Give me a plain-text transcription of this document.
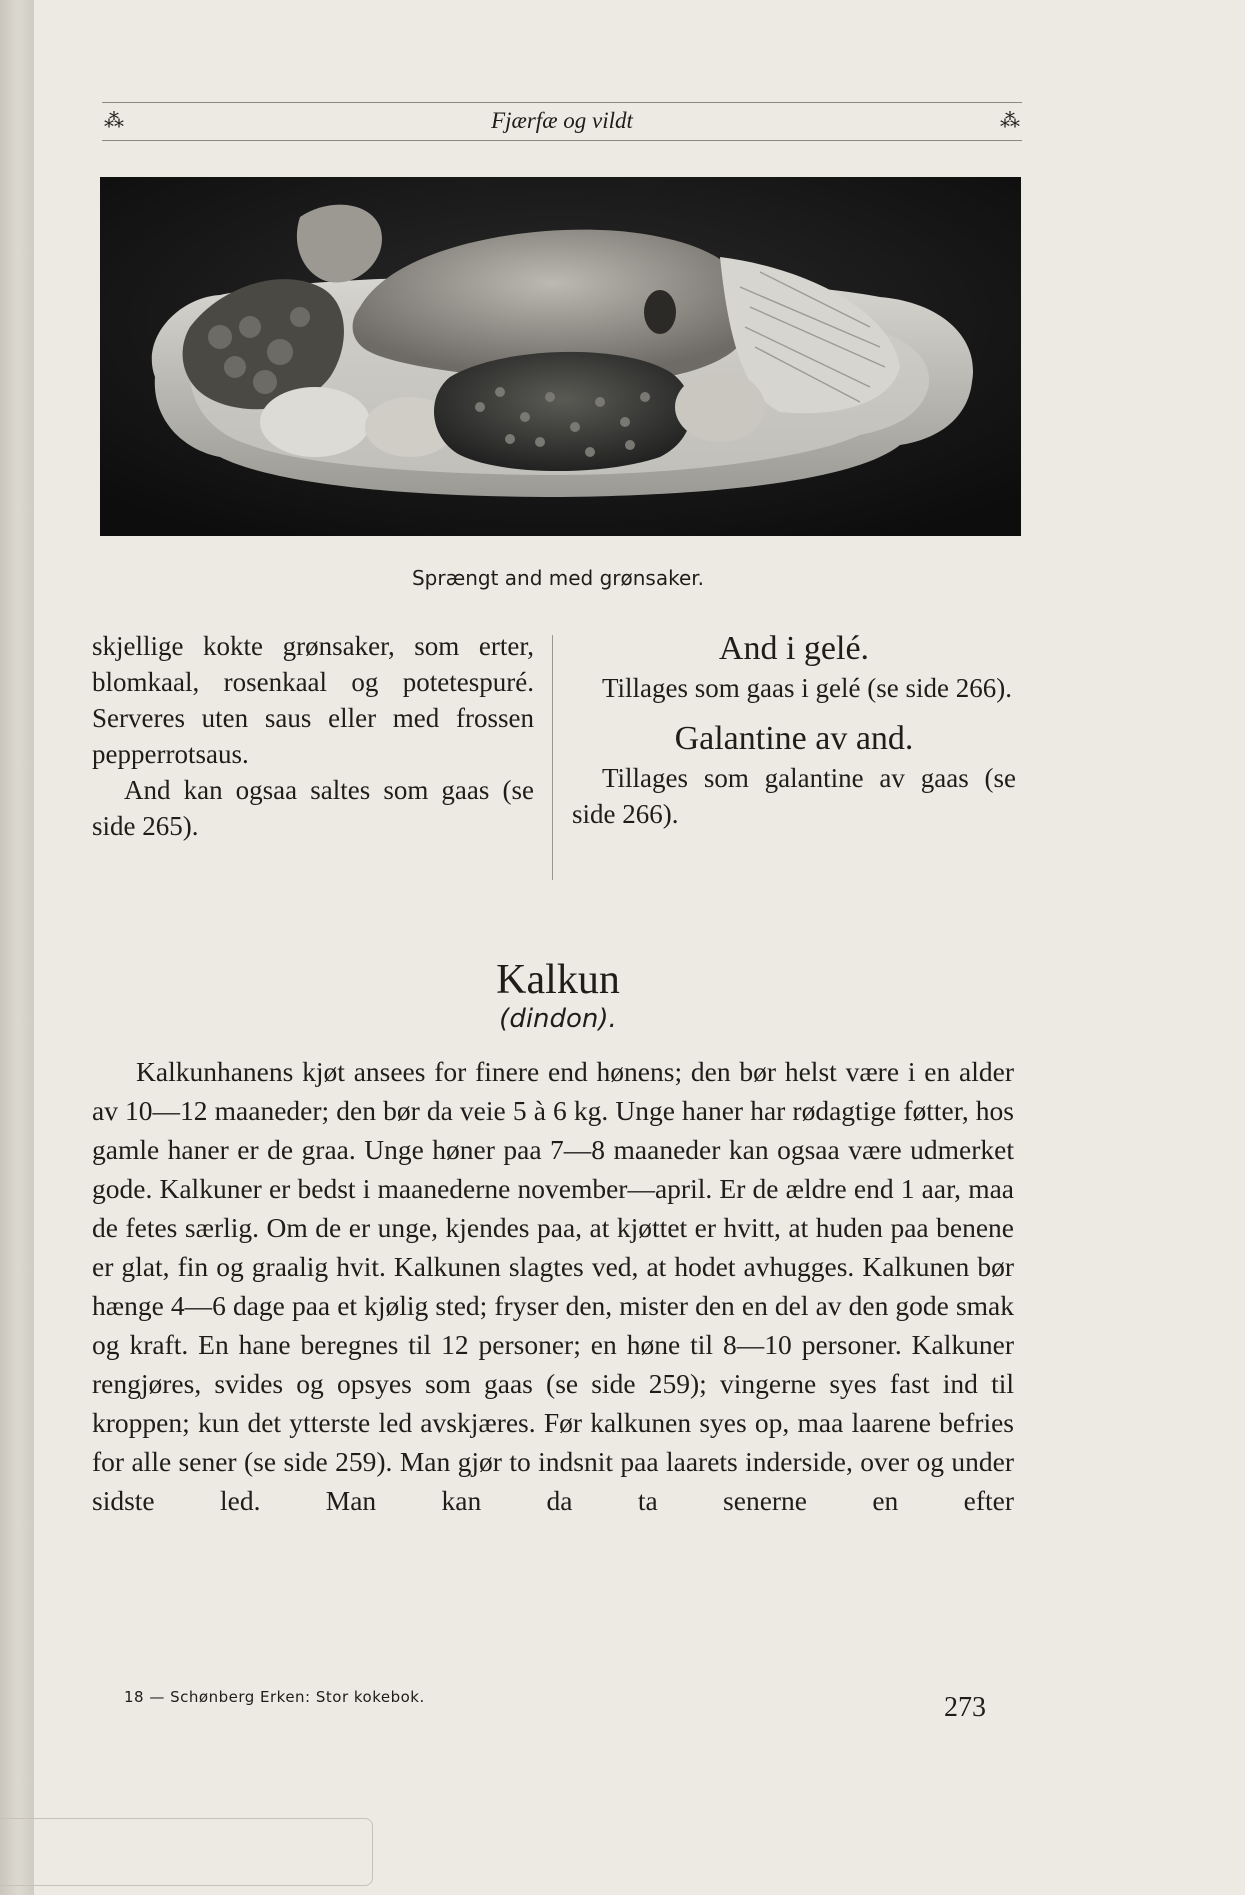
⁂	Fjærfæ og vildt	⁂
Sprængt and med grønsaker.

skjellige kokte grønsaker, som erter, blomkaal, rosenkaal og potetespuré. Serveres uten saus eller med frossen pepperrotsaus.

And kan ogsaa saltes som gaas (se side 265).

And i gelé.

Tillages som gaas i gelé (se side 266).

Galantine av and.

Tillages som galantine av gaas (se side 266).

Kalkun
(dindon).

Kalkunhanens kjøt ansees for finere end hønens; den bør helst være i en alder av 10—12 maaneder; den bør da veie 5 à 6 kg. Unge haner har rødagtige føtter, hos gamle haner er de graa. Unge høner paa 7—8 maaneder kan ogsaa være udmerket gode. Kalkuner er bedst i maanederne november—april. Er de ældre end 1 aar, maa de fetes særlig. Om de er unge, kjendes paa, at kjøttet er hvitt, at huden paa benene er glat, fin og graalig hvit. Kalkunen slagtes ved, at hodet avhugges. Kalkunen bør hænge 4—6 dage paa et kjølig sted; fryser den, mister den en del av den gode smak og kraft. En hane beregnes til 12 personer; en høne til 8—10 personer. Kalkuner rengjøres, svides og opsyes som gaas (se side 259); vingerne syes fast ind til kroppen; kun det ytterste led avskjæres. Før kalkunen syes op, maa laarene befries for alle sener (se side 259). Man gjør to indsnit paa laarets inderside, over og under sidste led. Man kan da ta senerne en efter

18 — Schønberg Erken: Stor kokebok.	273
